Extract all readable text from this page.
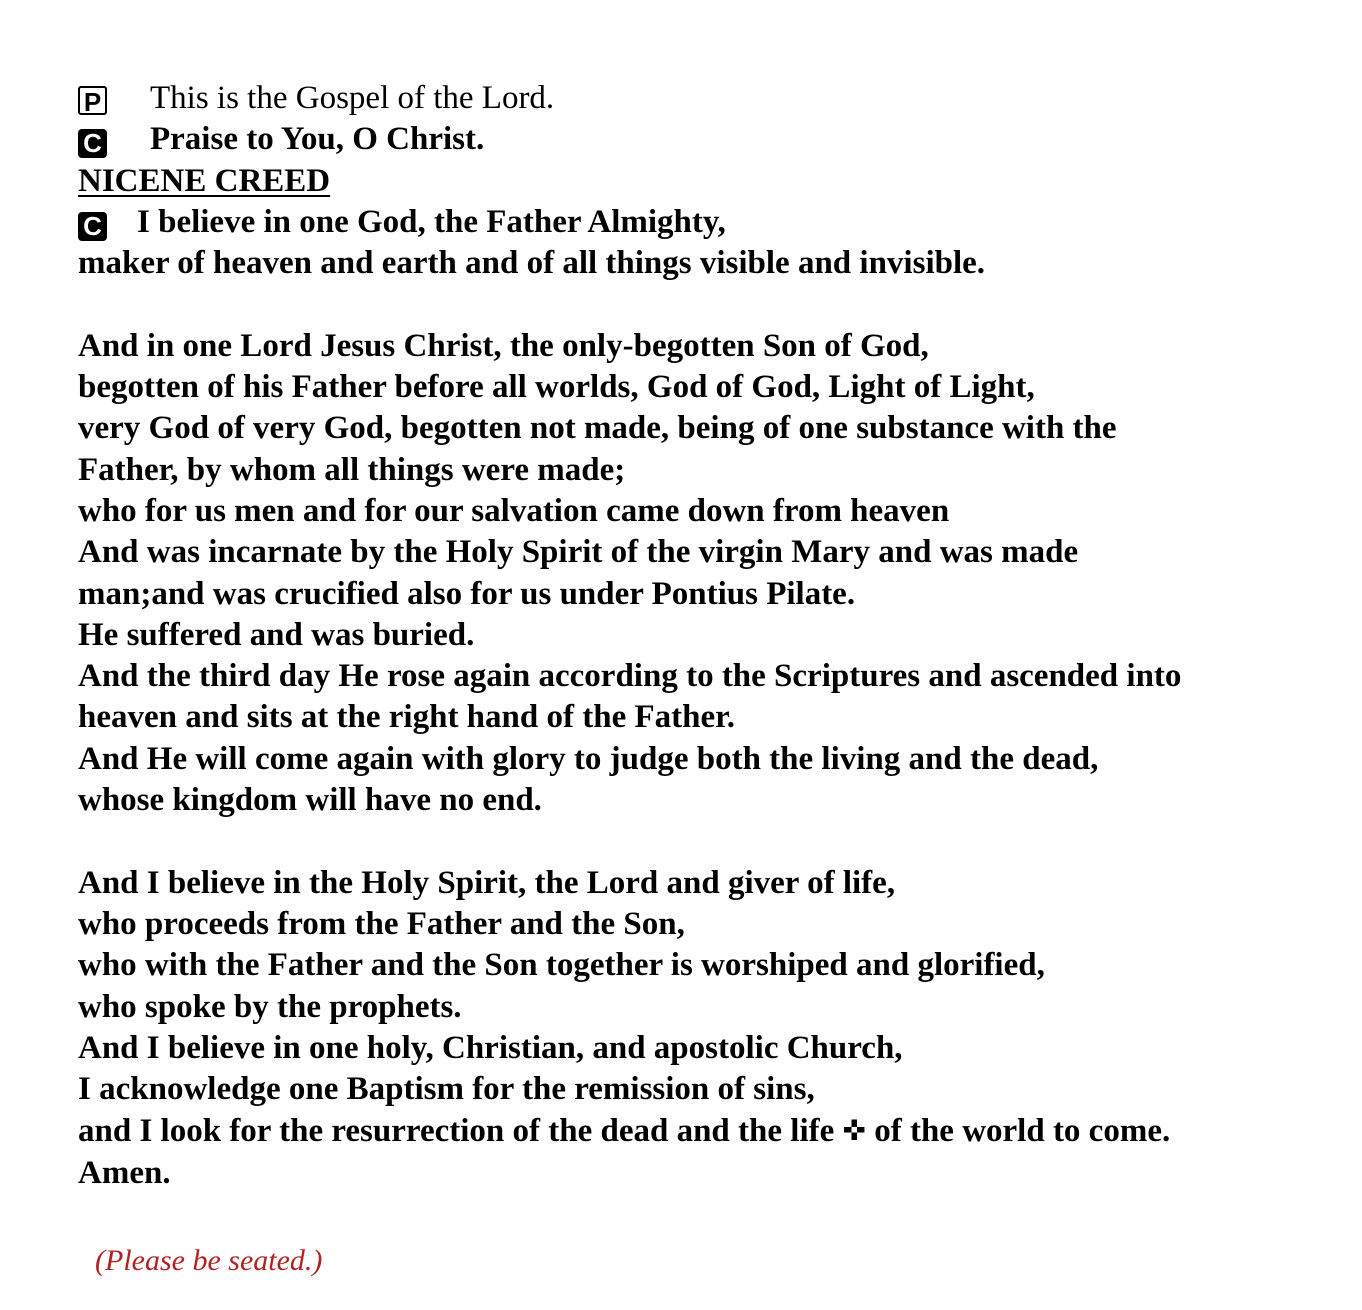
P This is the Gospel of the Lord.
C Praise to You, O Christ.
NICENE CREED
C I believe in one God, the Father Almighty,
maker of heaven and earth and of all things visible and invisible.
And in one Lord Jesus Christ, the only-begotten Son of God,
begotten of his Father before all worlds, God of God, Light of Light,
very God of very God, begotten not made, being of one substance with the
Father, by whom all things were made;
who for us men and for our salvation came down from heaven
And was incarnate by the Holy Spirit of the virgin Mary and was made
man;and was crucified also for us under Pontius Pilate.
He suffered and was buried.
And the third day He rose again according to the Scriptures and ascended into
heaven and sits at the right hand of the Father.
And He will come again with glory to judge both the living and the dead,
whose kingdom will have no end.
And I believe in the Holy Spirit, the Lord and giver of life,
who proceeds from the Father and the Son,
who with the Father and the Son together is worshiped and glorified,
who spoke by the prophets.
And I believe in one holy, Christian, and apostolic Church,
I acknowledge one Baptism for the remission of sins,
and I look for the resurrection of the dead and the life ✜ of the world to come.
Amen.
(Please be seated.)
